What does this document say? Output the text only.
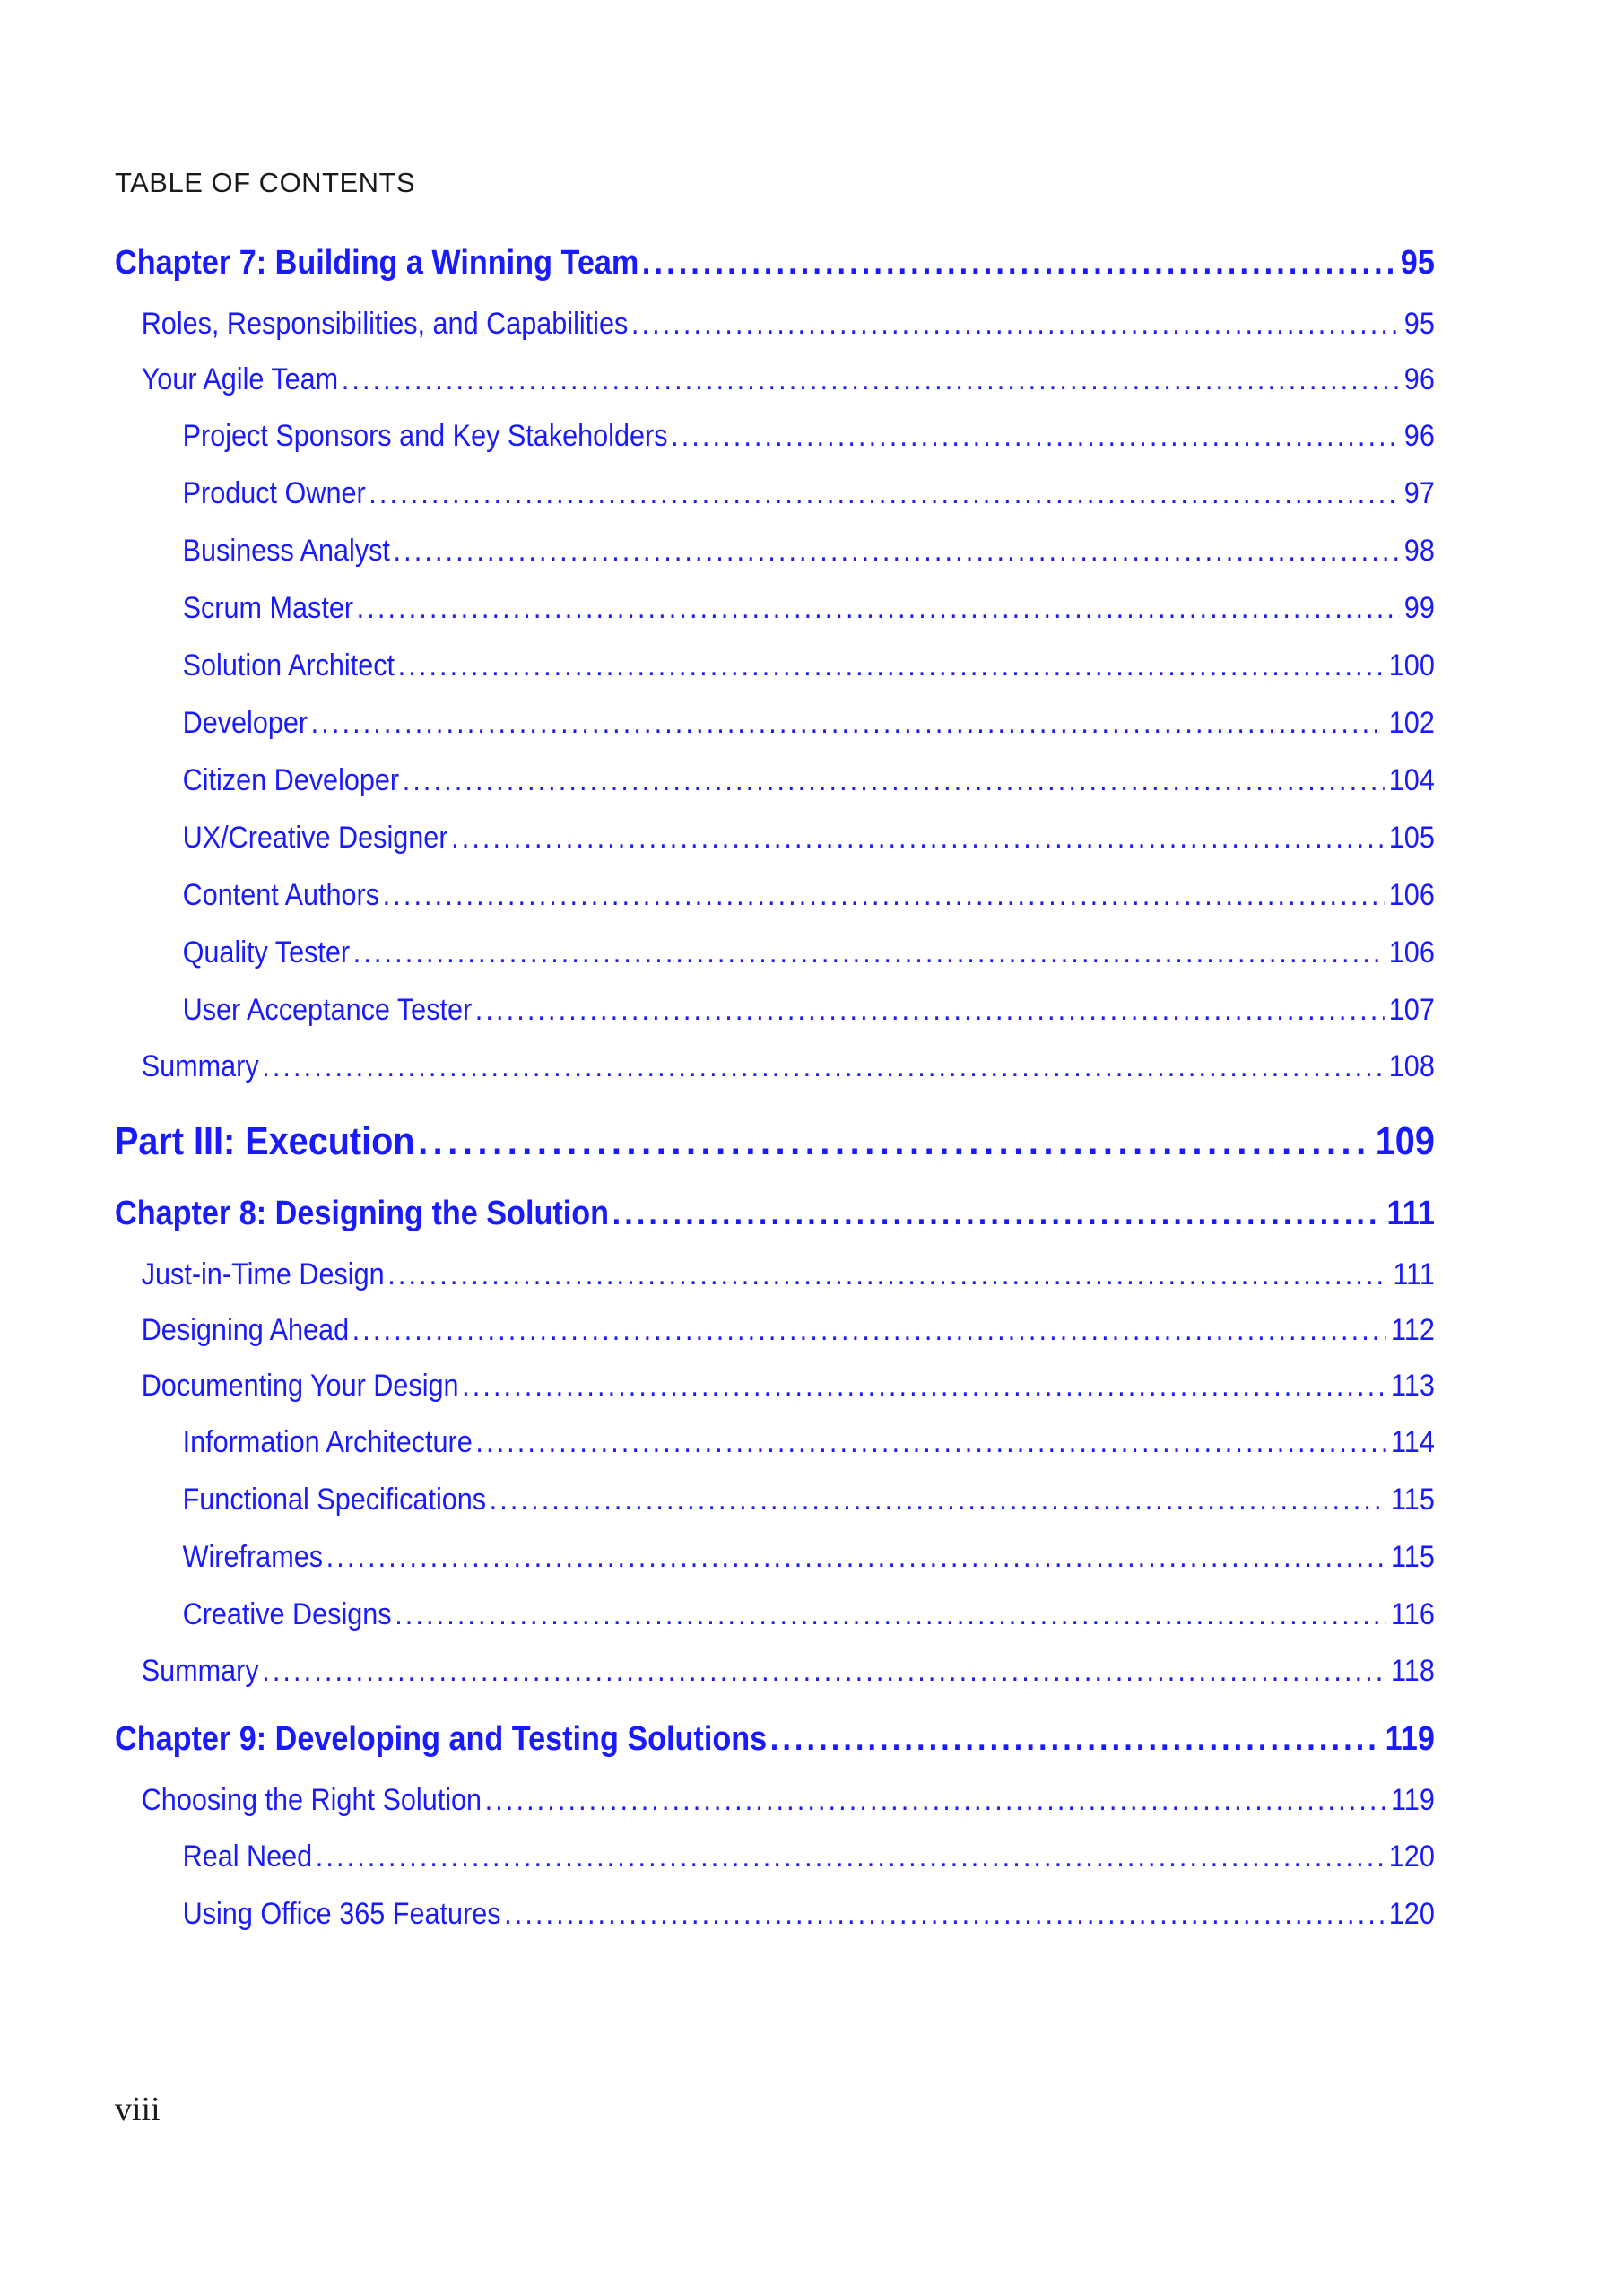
TABLE OF CONTENTS
Chapter 7: Building a Winning Team . . .	95
Roles, Responsibilities, and Capabilities . . .	95
Your Agile Team . . .	96
Project Sponsors and Key Stakeholders . . .	96
Product Owner . . .	97
Business Analyst . . .	98
Scrum Master . . .	99
Solution Architect . . .	100
Developer . . .	102
Citizen Developer . . .	104
UX/Creative Designer . . .	105
Content Authors . . .	106
Quality Tester . . .	106
User Acceptance Tester . . .	107
Summary . . .	108
Part III: Execution . . .	109
Chapter 8: Designing the Solution . . .	111
Just-in-Time Design . . .	111
Designing Ahead . . .	112
Documenting Your Design . . .	113
Information Architecture . . .	114
Functional Specifications . . .	115
Wireframes . . .	115
Creative Designs . . .	116
Summary . . .	118
Chapter 9: Developing and Testing Solutions . . .	119
Choosing the Right Solution . . .	119
Real Need . . .	120
Using Office 365 Features . . .	120
viii
